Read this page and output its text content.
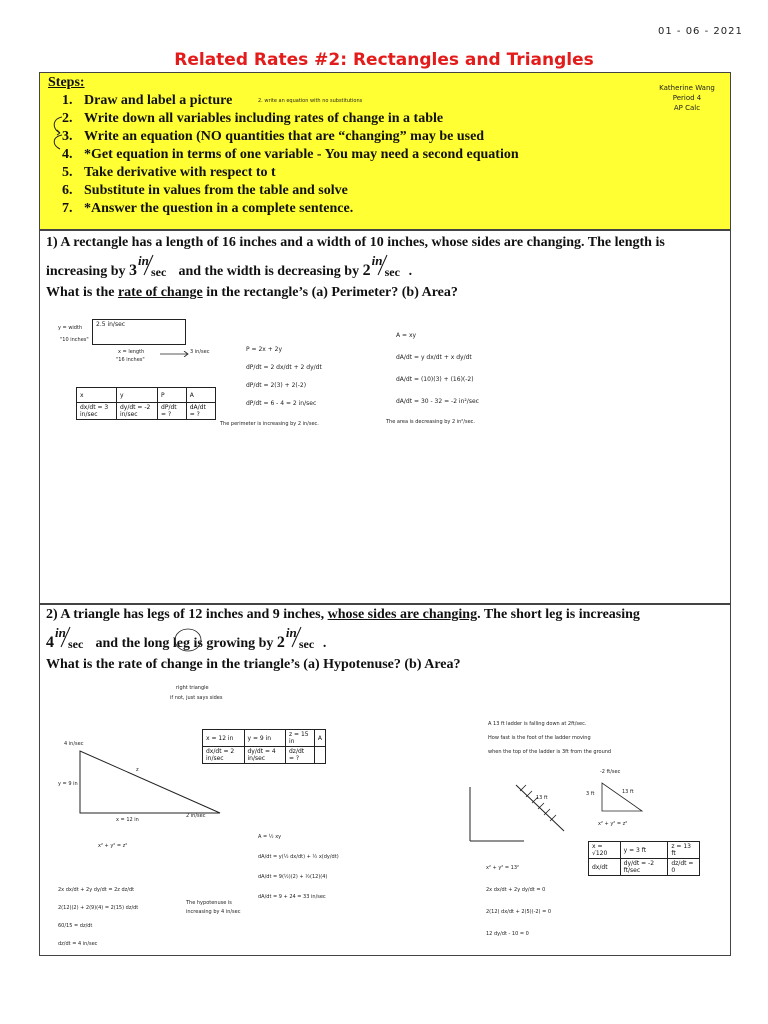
01 - 06 - 2021
Related Rates #2: Rectangles and Triangles
Steps:
1. Draw and label a picture
2. Write down all variables including rates of change in a table
3. Write an equation (NO quantities that are “changing” may be used
4. *Get equation in terms of one variable - You may need a second equation
5. Take derivative with respect to t
6. Substitute in values from the table and solve
7. *Answer the question in a complete sentence.
2. write an equation with no substitutions
Katherine Wang
Period 4
AP Calc
1) A rectangle has a length of 16 inches and a width of 10 inches, whose sides are changing. The length is
increasing by 3
in
sec and the width is decreasing by 2
in
sec .
What is the rate of change in the rectangle’s (a) Perimeter? (b) Area?
2.5 in/sec
y = width
"10 inches"
x = length
"16 inches"
3 in/sec
x	y	P	A
dx/dt = 3 in/sec	dy/dt = -2 in/sec	dP/dt = ?	dA/dt = ?
P = 2x + 2y
dP/dt = 2 dx/dt + 2 dy/dt
dP/dt = 2(3) + 2(-2)
dP/dt = 6 - 4 = 2 in/sec
The perimeter is increasing by 2 in/sec.
A = xy
dA/dt = y dx/dt + x dy/dt
dA/dt = (10)(3) + (16)(-2)
dA/dt = 30 - 32 = -2 in²/sec
The area is decreasing by 2 in²/sec.
2) A triangle has legs of 12 inches and 9 inches, whose sides are changing. The short leg is increasing
4
in
sec and the long leg is growing by 2
in
sec .
What is the rate of change in the triangle’s (a) Hypotenuse? (b) Area?
right triangle
if not, just says sides
4 in/sec
y = 9 in
z
x = 12 in
2 in/sec
x = 12 in	y = 9 in	z = 15 in	A
dx/dt = 2 in/sec	dy/dt = 4 in/sec	dz/dt = ?	
x² + y² = z²
2x dx/dt + 2y dy/dt = 2z dz/dt
2(12)(2) + 2(9)(4) = 2(15) dz/dt
60/15 = dz/dt
dz/dt = 4 in/sec
The hypotenuse is increasing by 4 in/sec
A = ½ xy
dA/dt = y(½ dx/dt) + ½ x(dy/dt)
dA/dt = 9(½)(2) + ½(12)(4)
dA/dt = 9 + 24 = 33 in/sec
A 13 ft ladder is falling down at 2ft/sec.
How fast is the foot of the ladder moving
when the top of the ladder is 3ft from the ground
13 ft
-2 ft/sec
3 ft	13 ft
x² + y² = z²
x = √120	y = 3 ft	z = 13 ft
dx/dt	dy/dt = -2 ft/sec	dz/dt = 0
x² + y² = 13²
2x dx/dt + 2y dy/dt = 0
2(12) dx/dt + 2(5)(-2) = 0
12 dy/dt - 10 = 0
